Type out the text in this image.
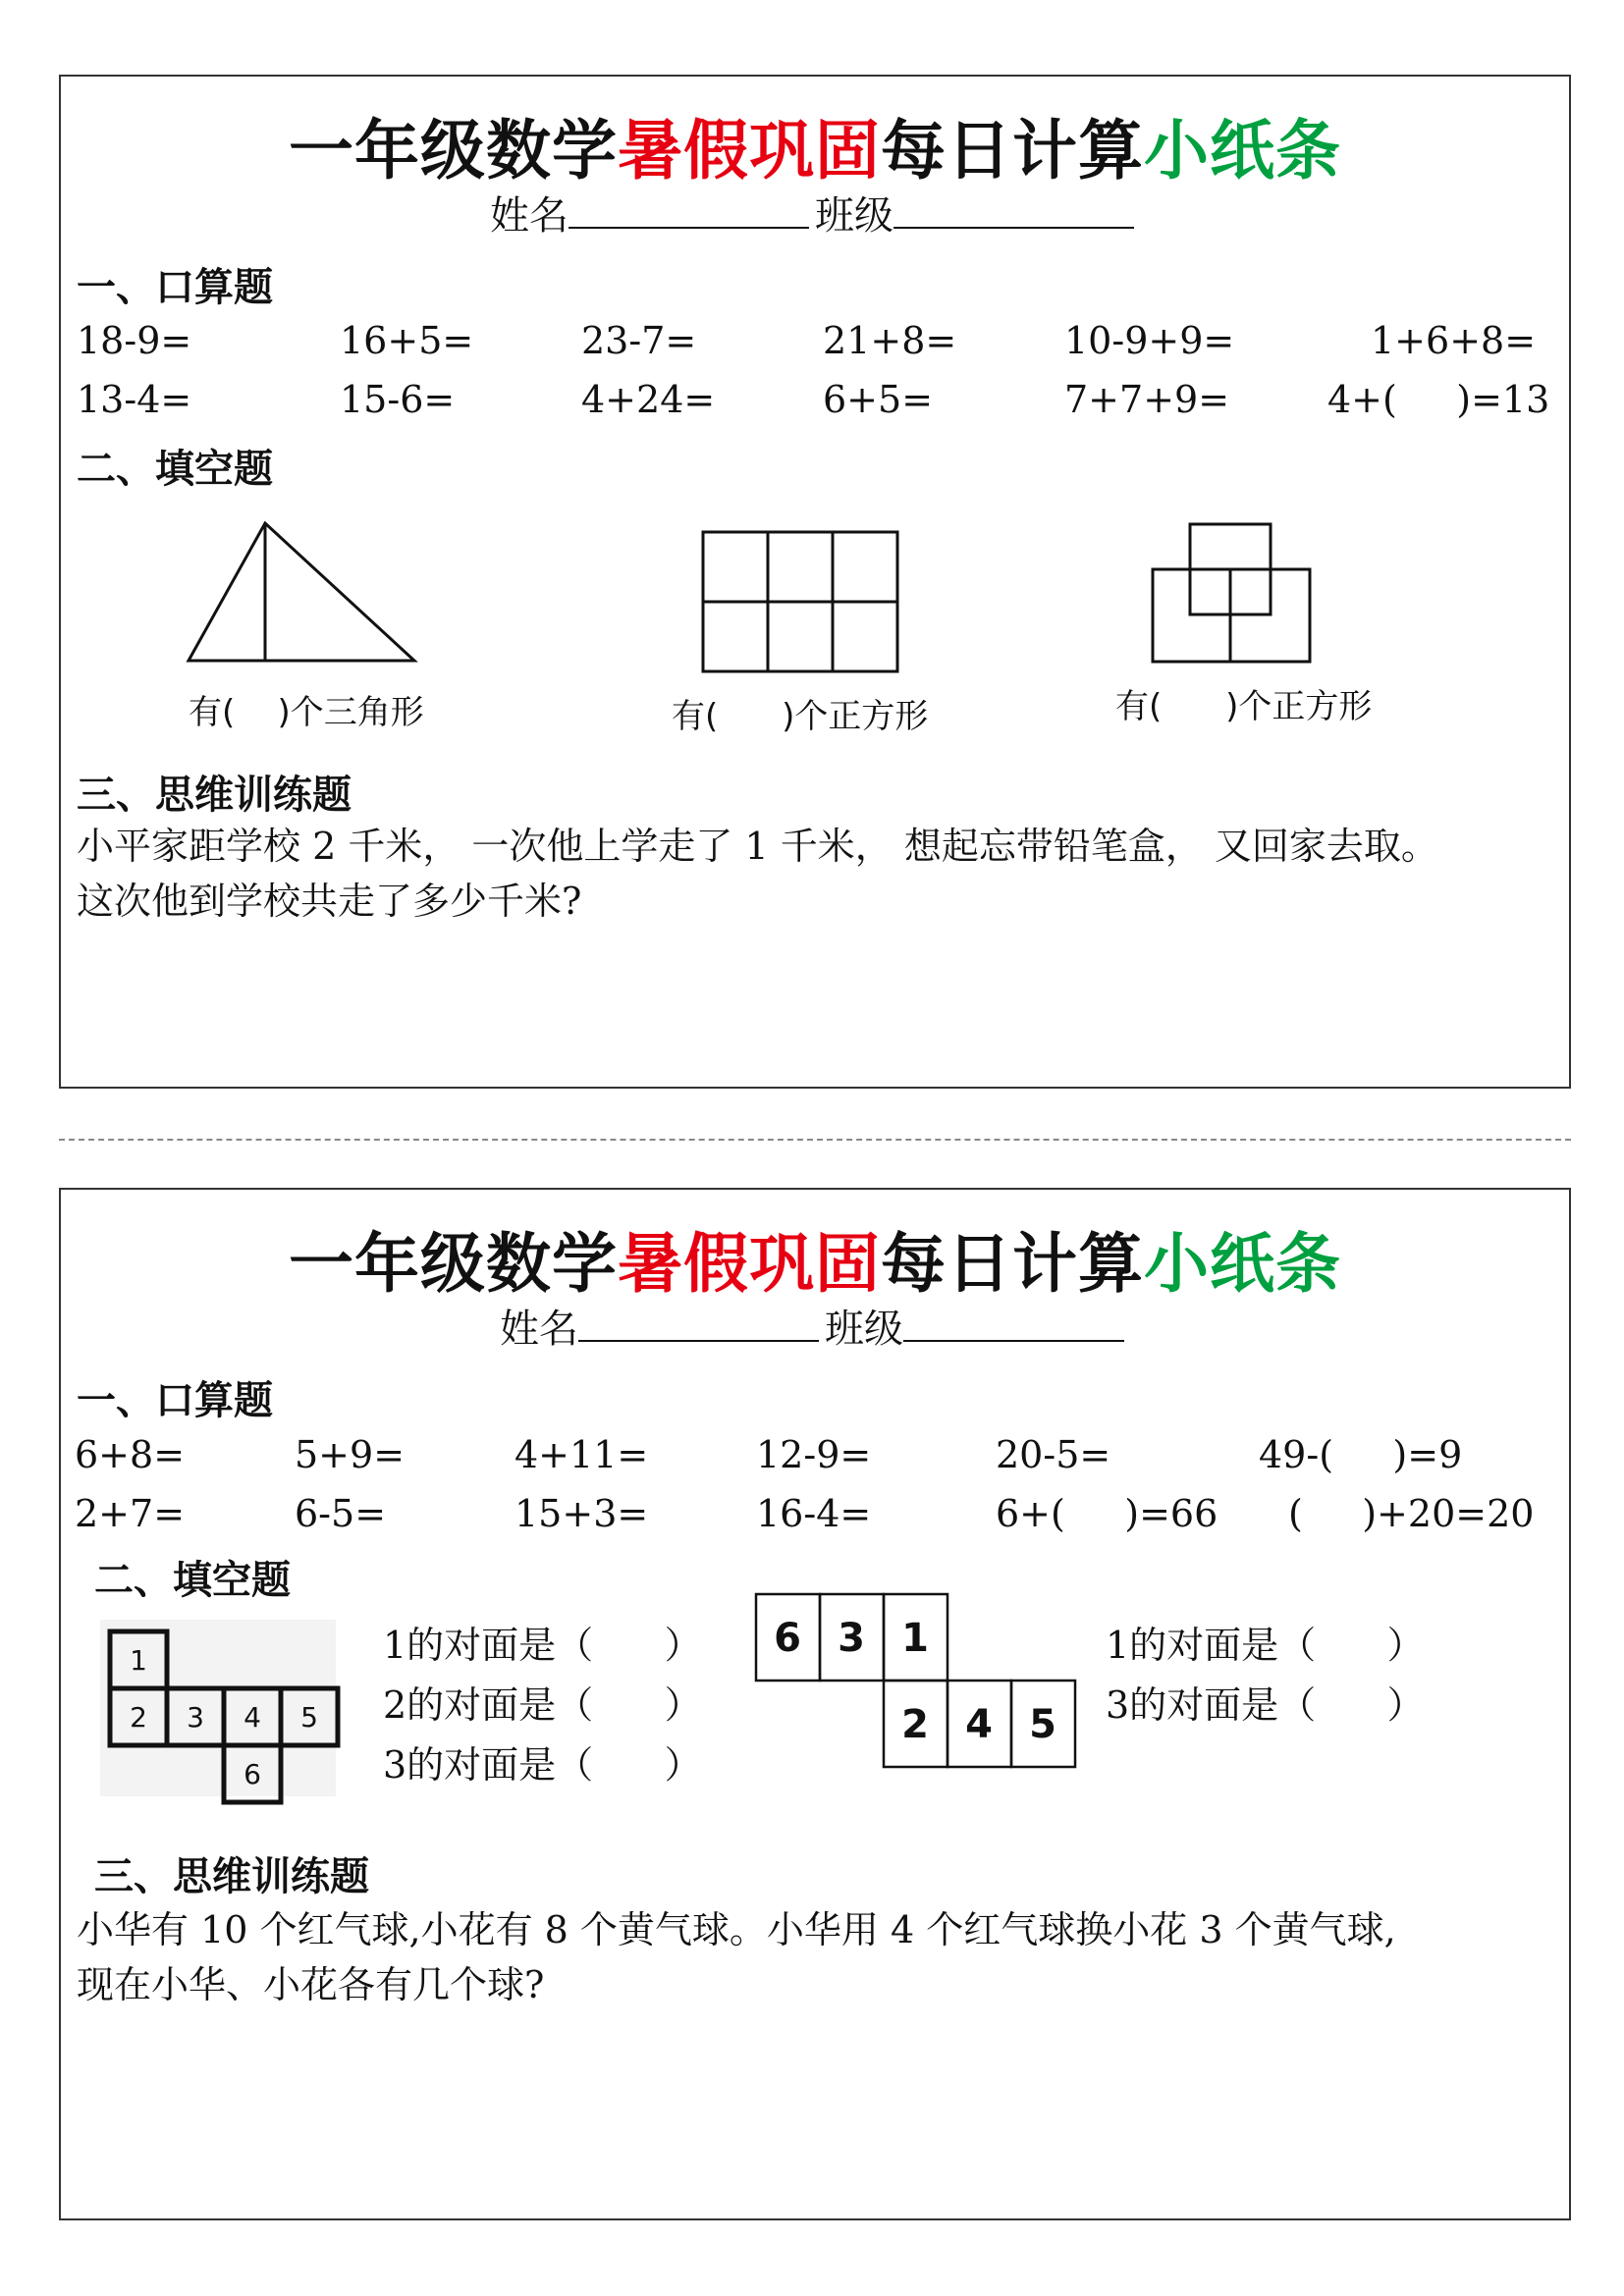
一年级数学暑假巩固每日计算小纸条
姓名	班级
一、口算题
18-9=	16+5=	23-7=	21+8=	10-9+9=	1+6+8=
13-4=	15-6=	4+24=	6+5=	7+7+9=	4+(     )=13
二、填空题
有(    )个三角形	有(      )个正方形	有(      )个正方形
三、思维训练题
小平家距学校 2 千米， 一次他上学走了 1 千米， 想起忘带铅笔盒， 又回家去取。
这次他到学校共走了多少千米?
一年级数学暑假巩固每日计算小纸条
姓名	班级
一、口算题
6+8=	5+9=	4+11=	12-9=	20-5=	49-(     )=9
2+7=	6-5=	15+3=	16-4=	6+(     )=66 (     )+20=20
二、填空题
1
2 3 4 5
6
1的对面是（      ）
2的对面是（      ）
3的对面是（      ）
6 3 1
2 4 5
1的对面是（      ）
3的对面是（      ）
三、思维训练题
小华有 10 个红气球,小花有 8 个黄气球。小华用 4 个红气球换小花 3 个黄气球,
现在小华、小花各有几个球?
